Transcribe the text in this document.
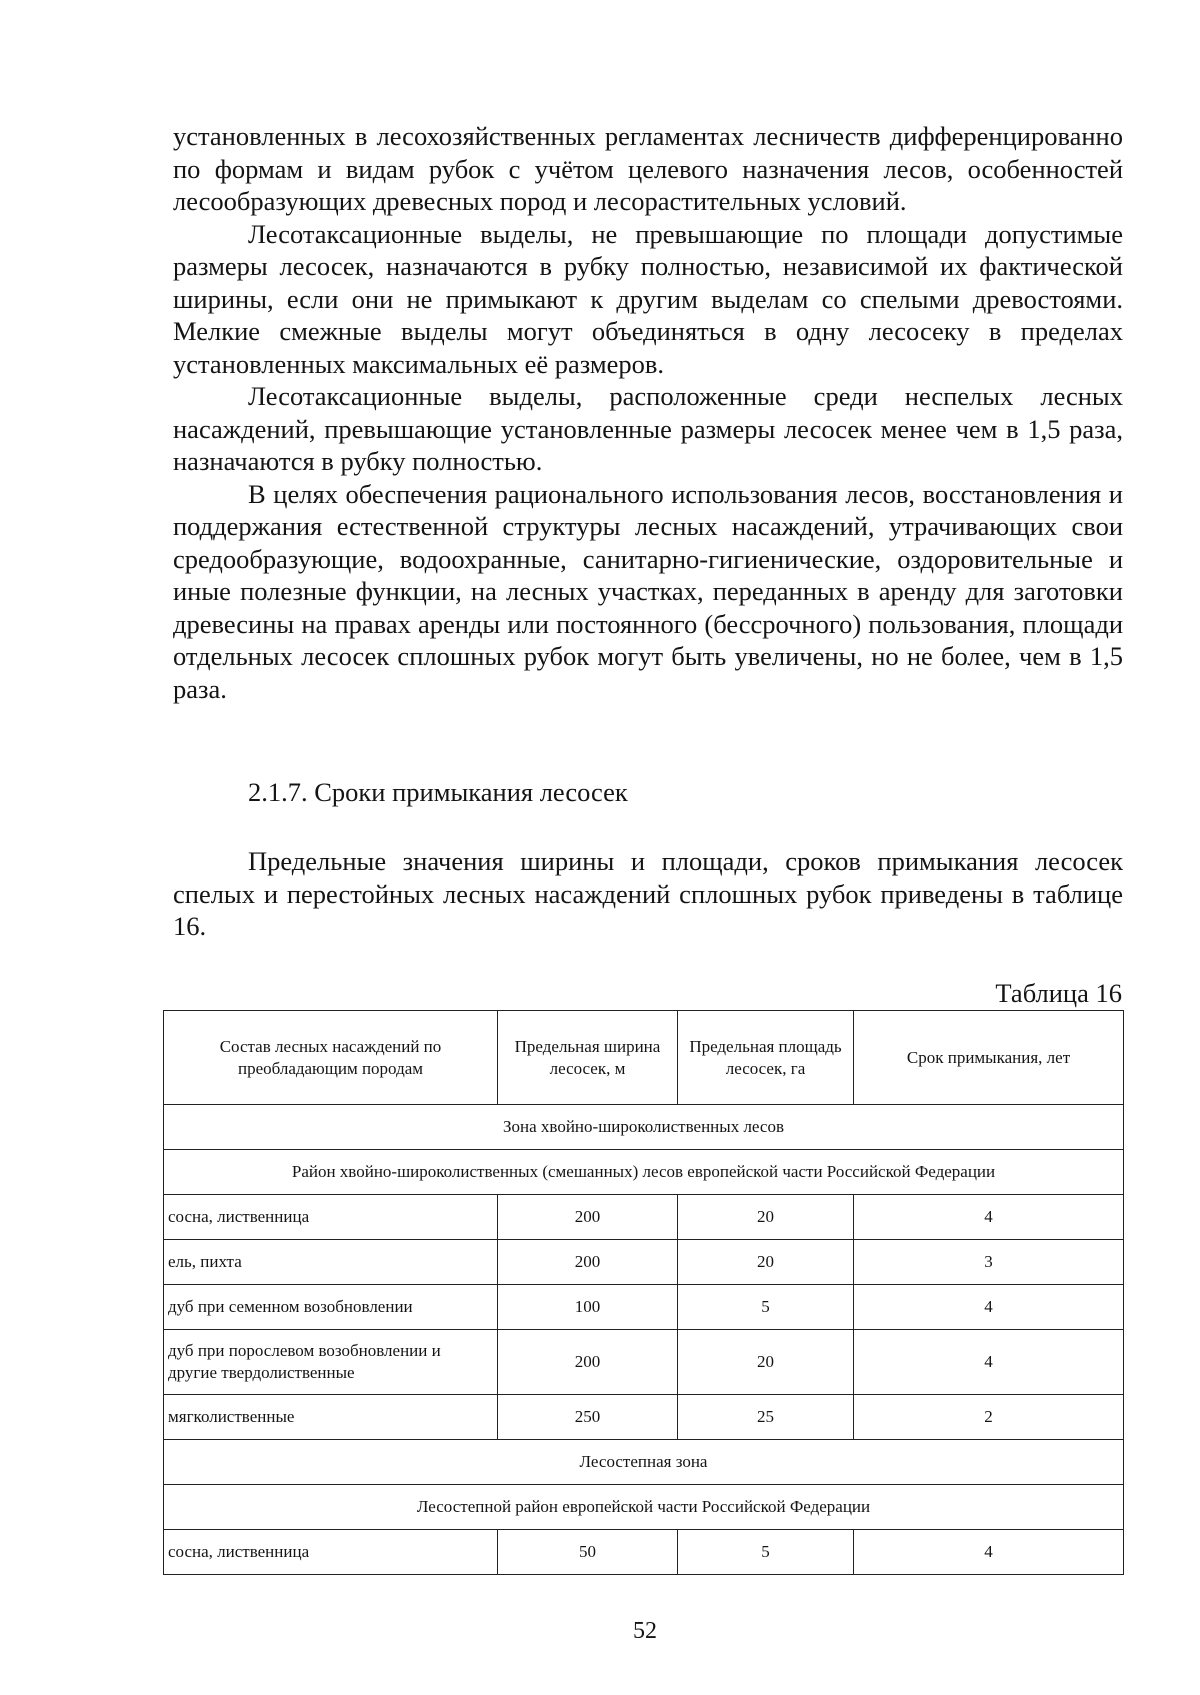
установленных в лесохозяйственных регламентах лесничеств дифференцированно по формам и видам рубок с учётом целевого назначения лесов, особенностей лесообразующих древесных пород и лесорастительных условий.

Лесотаксационные выделы, не превышающие по площади допустимые размеры лесосек, назначаются в рубку полностью, независимой их фактической ширины, если они не примыкают к другим выделам со спелыми древостоями. Мелкие смежные выделы могут объединяться в одну лесосеку в пределах установленных максимальных её размеров.

Лесотаксационные выделы, расположенные среди неспелых лесных насаждений, превышающие установленные размеры лесосек менее чем в 1,5 раза, назначаются в рубку полностью.

В целях обеспечения рационального использования лесов, восстановления и поддержания естественной структуры лесных насаждений, утрачивающих свои средообразующие, водоохранные, санитарно-гигиенические, оздоровительные и иные полезные функции, на лесных участках, переданных в аренду для заготовки древесины на правах аренды или постоянного (бессрочного) пользования, площади отдельных лесосек сплошных рубок могут быть увеличены, но не более, чем в 1,5 раза.

2.1.7. Сроки примыкания лесосек

Предельные значения ширины и площади, сроков примыкания лесосек спелых и перестойных лесных насаждений сплошных рубок приведены в таблице 16.

Таблица 16
Состав лесных насаждений по преобладающим породам	Предельная ширина лесосек, м	Предельная площадь лесосек, га	Срок примыкания, лет
Зона хвойно-широколиственных лесов			
Район хвойно-широколиственных (смешанных) лесов европейской части Российской Федерации			
сосна, лиственница	200	20	4
ель, пихта	200	20	3
дуб при семенном возобновлении	100	5	4
дуб при порослевом возобновлении и другие твердолиственные	200	20	4
мягколиственные	250	25	2
Лесостепная зона			
Лесостепной район европейской части Российской Федерации			
сосна, лиственница	50	5	4
52
